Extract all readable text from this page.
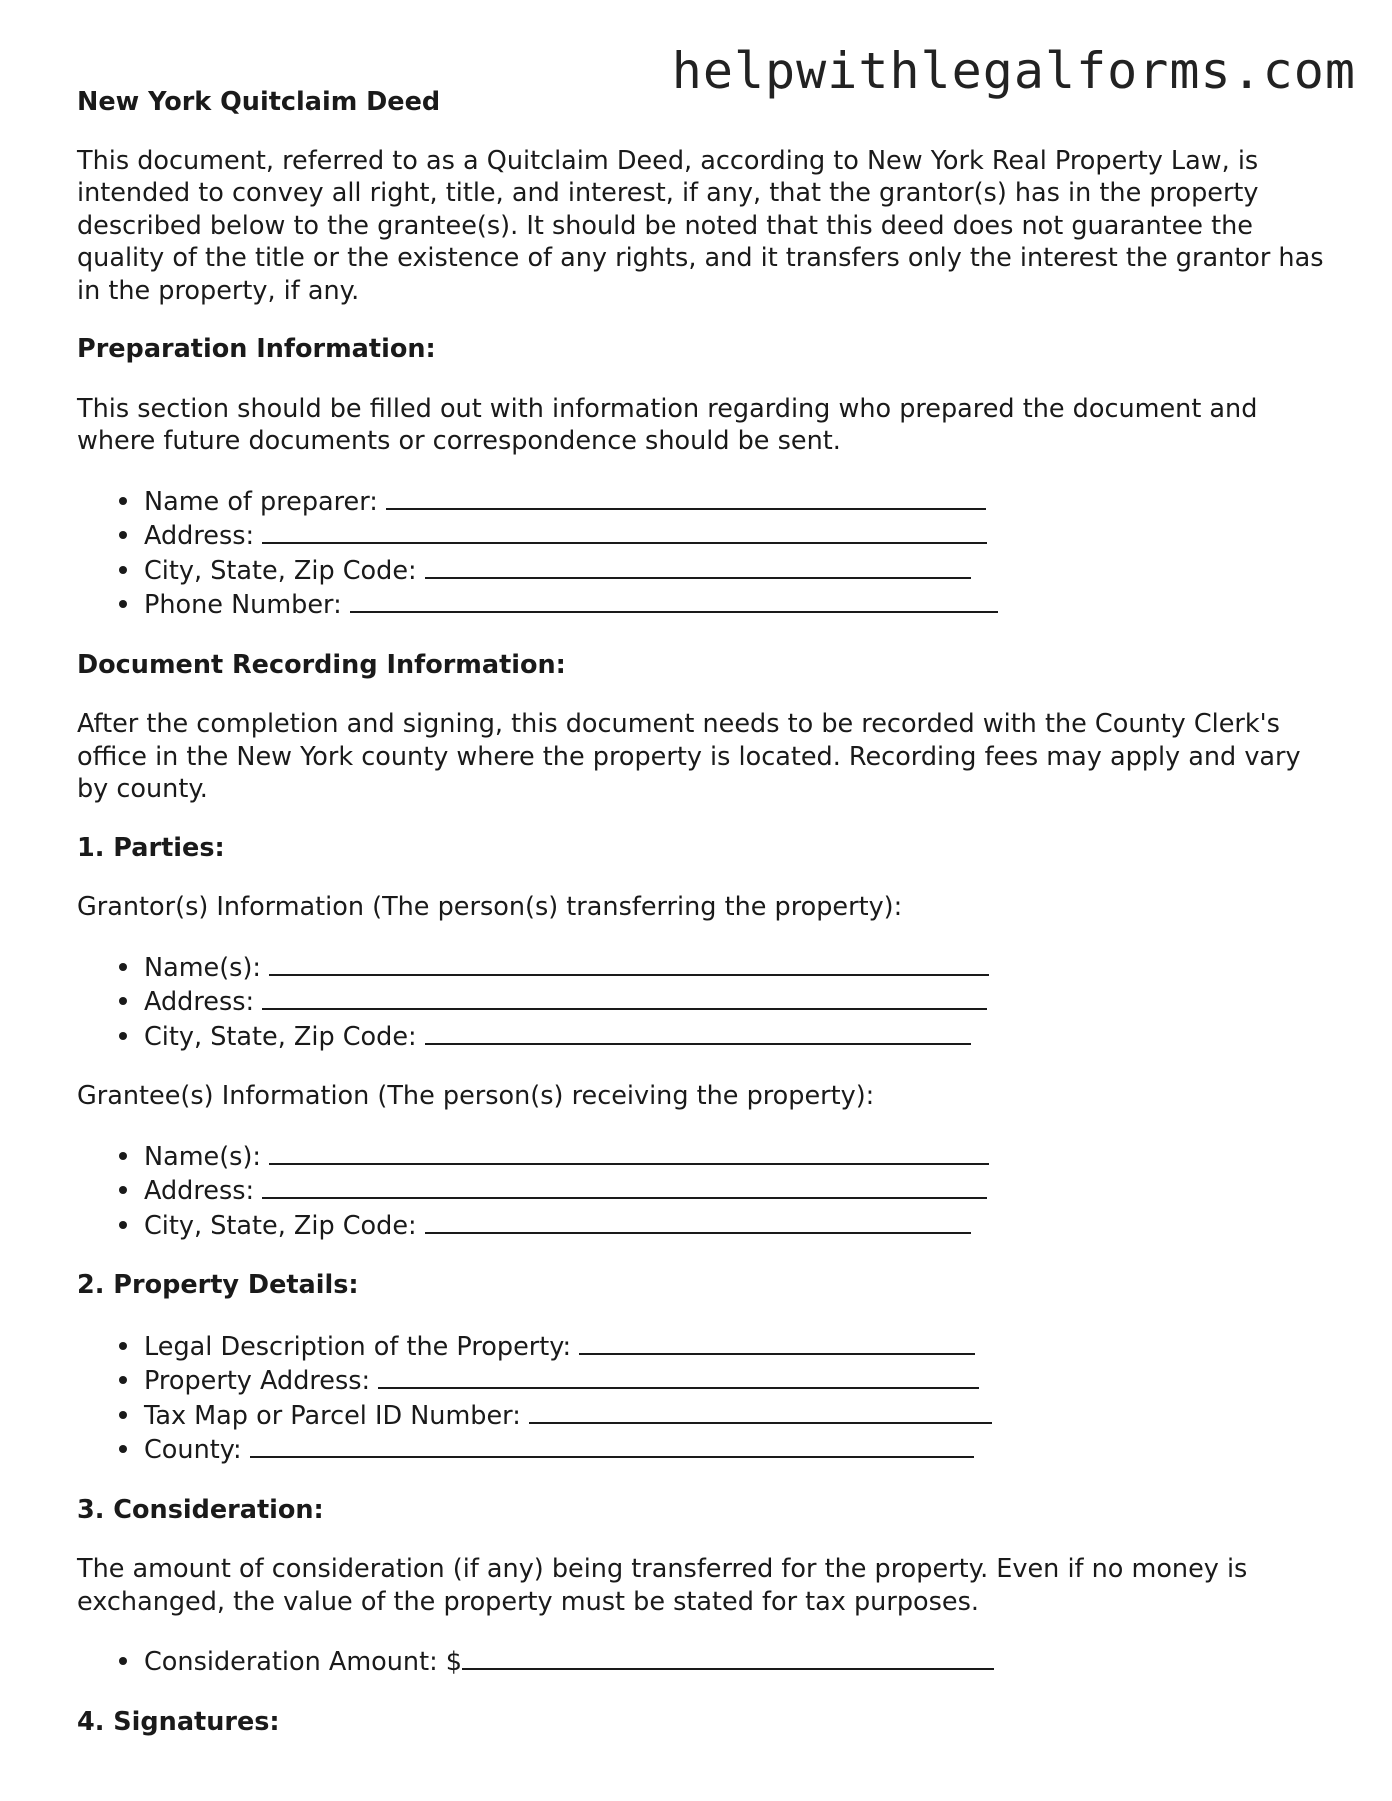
helpwithlegalforms.com
New York Quitclaim Deed

This document, referred to as a Quitclaim Deed, according to New York Real Property Law, is intended to convey all right, title, and interest, if any, that the grantor(s) has in the property described below to the grantee(s). It should be noted that this deed does not guarantee the quality of the title or the existence of any rights, and it transfers only the interest the grantor has in the property, if any.

Preparation Information:

This section should be filled out with information regarding who prepared the document and where future documents or correspondence should be sent.

Name of preparer:
Address:
City, State, Zip Code:
Phone Number:
Document Recording Information:

After the completion and signing, this document needs to be recorded with the County Clerk's office in the New York county where the property is located. Recording fees may apply and vary by county.

1. Parties:

Grantor(s) Information (The person(s) transferring the property):

Name(s):
Address:
City, State, Zip Code:

Grantee(s) Information (The person(s) receiving the property):

Name(s):
Address:
City, State, Zip Code:
2. Property Details:
Legal Description of the Property:
Property Address:
Tax Map or Parcel ID Number:
County:
3. Consideration:

The amount of consideration (if any) being transferred for the property. Even if no money is exchanged, the value of the property must be stated for tax purposes.

Consideration Amount: $
4. Signatures:
